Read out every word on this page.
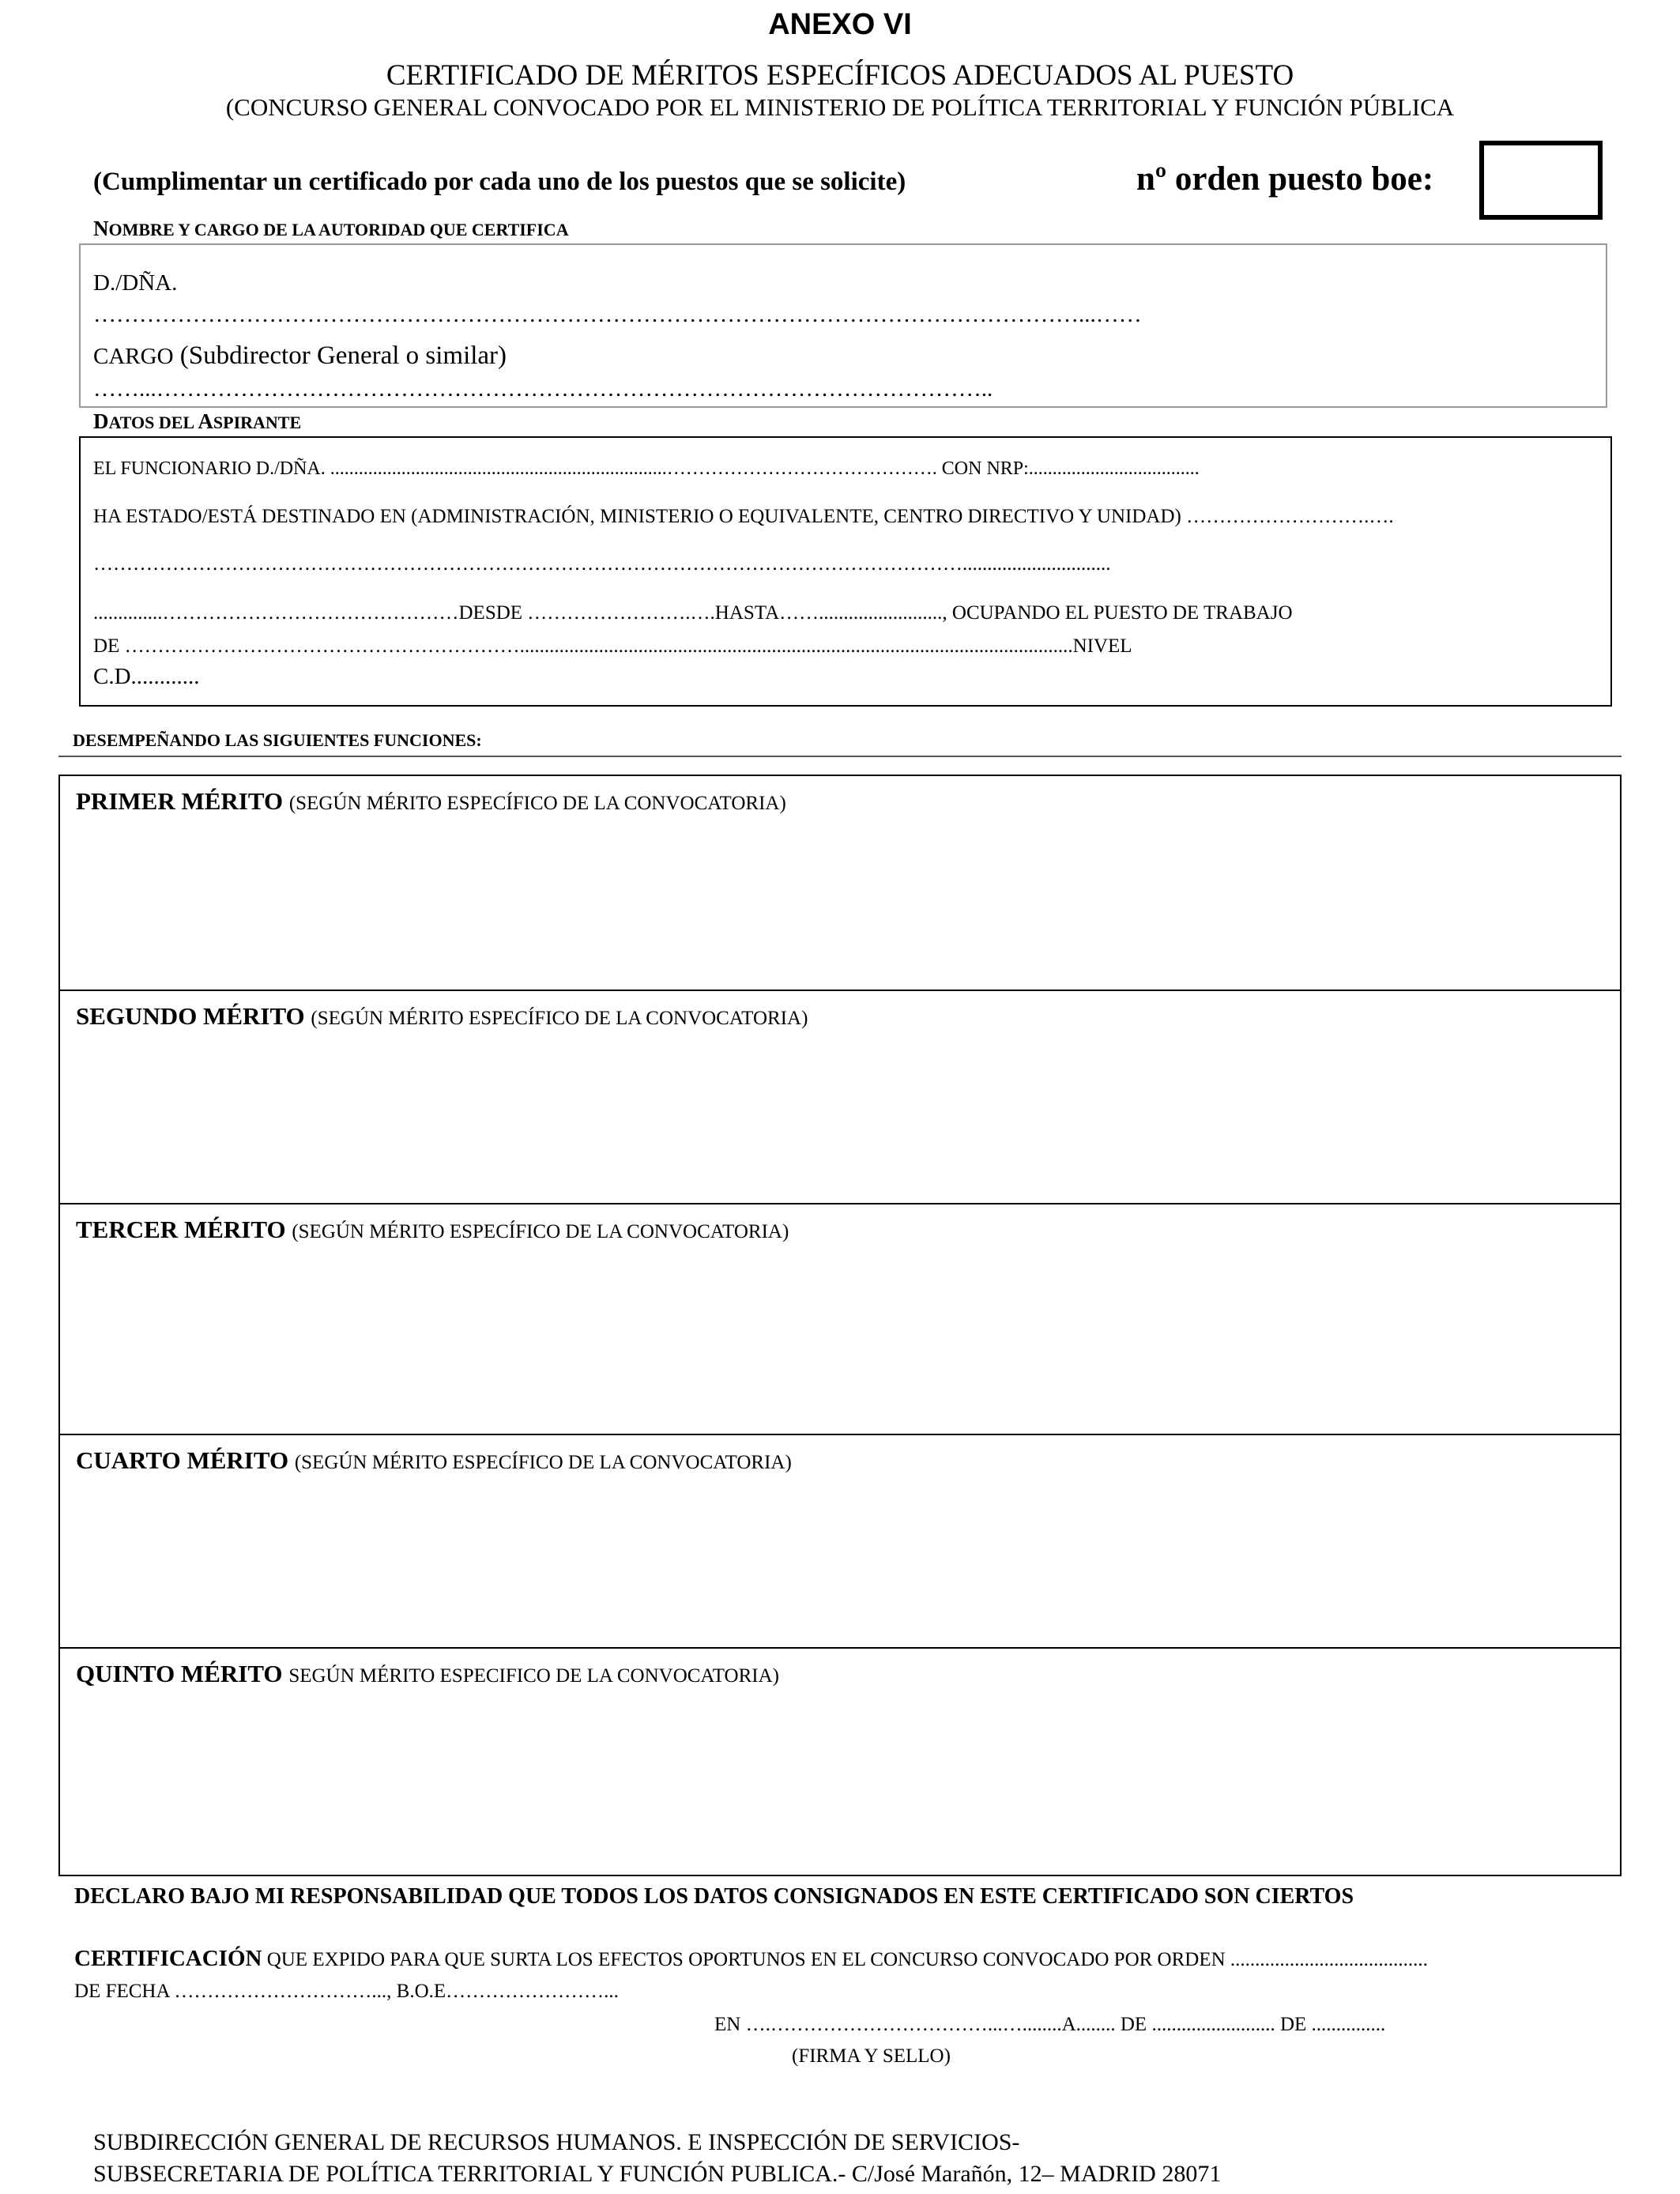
ANEXO VI
CERTIFICADO DE MÉRITOS ESPECÍFICOS ADECUADOS AL PUESTO
(CONCURSO GENERAL CONVOCADO POR EL MINISTERIO DE POLÍTICA TERRITORIAL Y FUNCIÓN PÚBLICA
(Cumplimentar un certificado por cada uno de los puestos que se solicite)	nº orden puesto boe:
NOMBRE Y CARGO DE LA AUTORIDAD QUE CERTIFICA
D./DÑA.
…………………………………………………………………………………………………………………...……
CARGO (Subdirector General o similar)
……...………………………………………………………………………………………………..
DATOS DEL ASPIRANTE
EL FUNCIONARIO D./DÑA. .......................................................................……………………………………. CON NRP:....................................
HA ESTADO/ESTÁ DESTINADO EN (ADMINISTRACIÓN, MINISTERIO O EQUIVALENTE, CENTRO DIRECTIVO Y UNIDAD) ……………………….….
……………………………………………………………………………………………………………………..............................
..............………………………………………DESDE …………………….….HASTA……........................., OCUPANDO EL PUESTO DE TRABAJO
DE ……………………………………………………................................................................................................................NIVEL
C.D............
DESEMPEÑANDO LAS SIGUIENTES FUNCIONES:
PRIMER MÉRITO (SEGÚN MÉRITO ESPECÍFICO DE LA CONVOCATORIA)
SEGUNDO MÉRITO (SEGÚN MÉRITO ESPECÍFICO DE LA CONVOCATORIA)
TERCER MÉRITO (SEGÚN MÉRITO ESPECÍFICO DE LA CONVOCATORIA)
CUARTO MÉRITO (SEGÚN MÉRITO ESPECÍFICO DE LA CONVOCATORIA)
QUINTO MÉRITO SEGÚN MÉRITO ESPECIFICO DE LA CONVOCATORIA)
DECLARO BAJO MI RESPONSABILIDAD QUE TODOS LOS DATOS CONSIGNADOS EN ESTE CERTIFICADO SON CIERTOS
CERTIFICACIÓN QUE EXPIDO PARA QUE SURTA LOS EFECTOS OPORTUNOS EN EL CONCURSO CONVOCADO POR ORDEN ........................................
DE FECHA …………………………..., B.O.E……………………...
EN ….……………………………...…........A........ DE ......................... DE ...............
(FIRMA Y SELLO)
SUBDIRECCIÓN GENERAL DE RECURSOS HUMANOS. E INSPECCIÓN DE SERVICIOS-
SUBSECRETARIA DE POLÍTICA TERRITORIAL Y FUNCIÓN PUBLICA.- C/José Marañón, 12– MADRID 28071
